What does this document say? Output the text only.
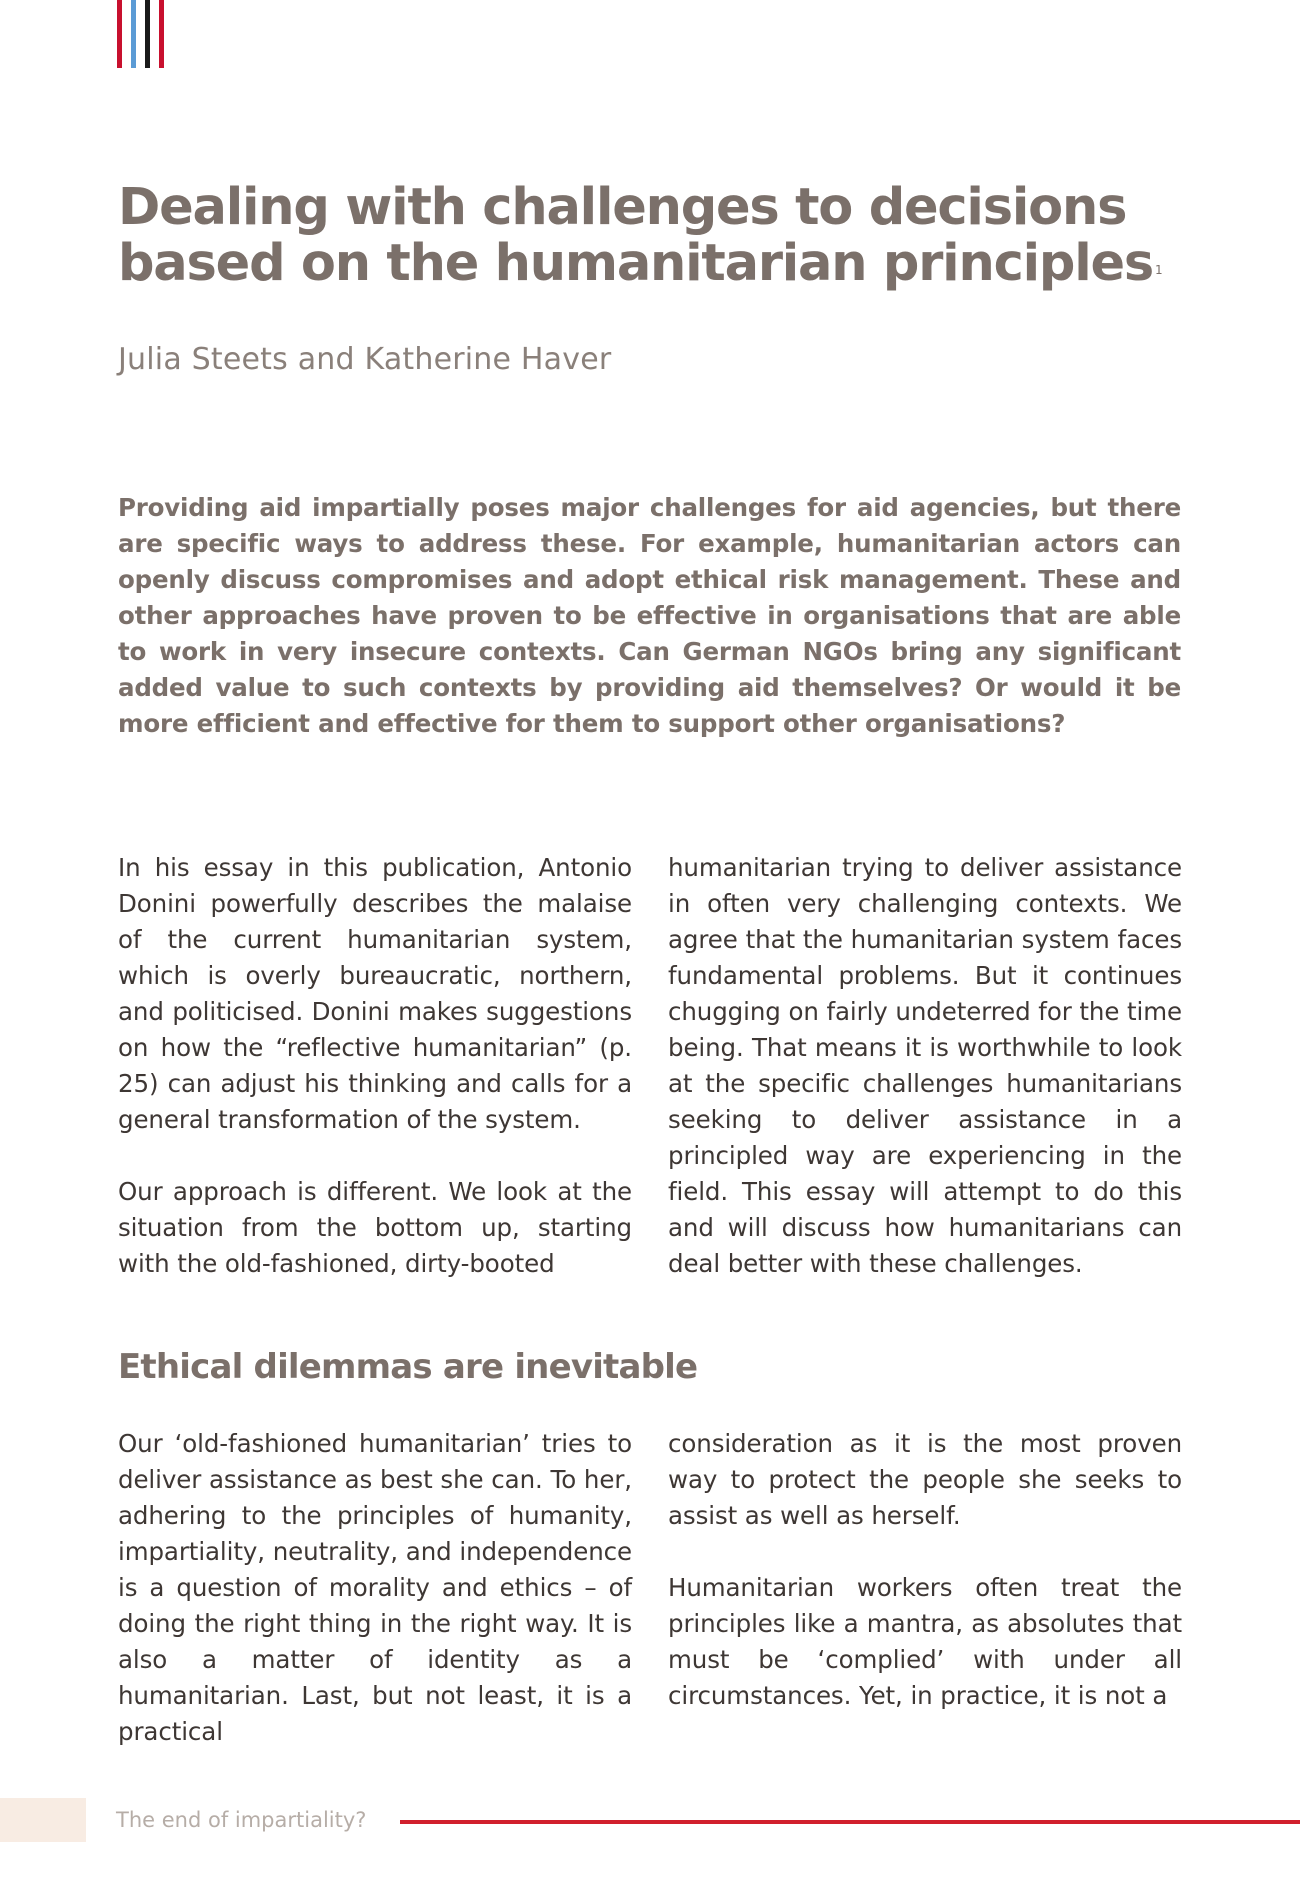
Dealing with challenges to decisions based on the humanitarian principles $^1$
Julia Steets and Katherine Haver

Providing aid impartially poses major challenges for aid agencies, but there are specific ways to address these. For example, humanitarian actors can openly discuss compromises and adopt ethical risk management. These and other approaches have proven to be effective in organisations that are able to work in very insecure contexts. Can German NGOs bring any significant added value to such contexts by providing aid themselves? Or would it be more efficient and effective for them to support other organisations?

In his essay in this publication, Antonio Donini powerfully describes the malaise of the current humanitarian system, which is overly bureaucratic, northern, and politicised. Donini makes suggestions on how the “reflective humanitarian” (p. 25) can adjust his thinking and calls for a general transformation of the system.

Our approach is different. We look at the situation from the bottom up, starting with the old-fashioned, dirty-booted

humanitarian trying to deliver assistance in often very challenging contexts. We agree that the humanitarian system faces fundamental problems. But it continues chugging on fairly undeterred for the time being. That means it is worthwhile to look at the specific challenges humanitarians seeking to deliver assistance in a principled way are experiencing in the field. This essay will attempt to do this and will discuss how humanitarians can deal better with these challenges.

Ethical dilemmas are inevitable

Our ‘old-fashioned humanitarian’ tries to deliver assistance as best she can. To her, adhering to the principles of humanity, impartiality, neutrality, and independence is a question of morality and ethics – of doing the right thing in the right way. It is also a matter of identity as a humanitarian. Last, but not least, it is a practical

consideration as it is the most proven way to protect the people she seeks to assist as well as herself.

Humanitarian workers often treat the principles like a mantra, as absolutes that must be ‘complied’ with under all circumstances. Yet, in practice, it is not a

The end of impartiality?
